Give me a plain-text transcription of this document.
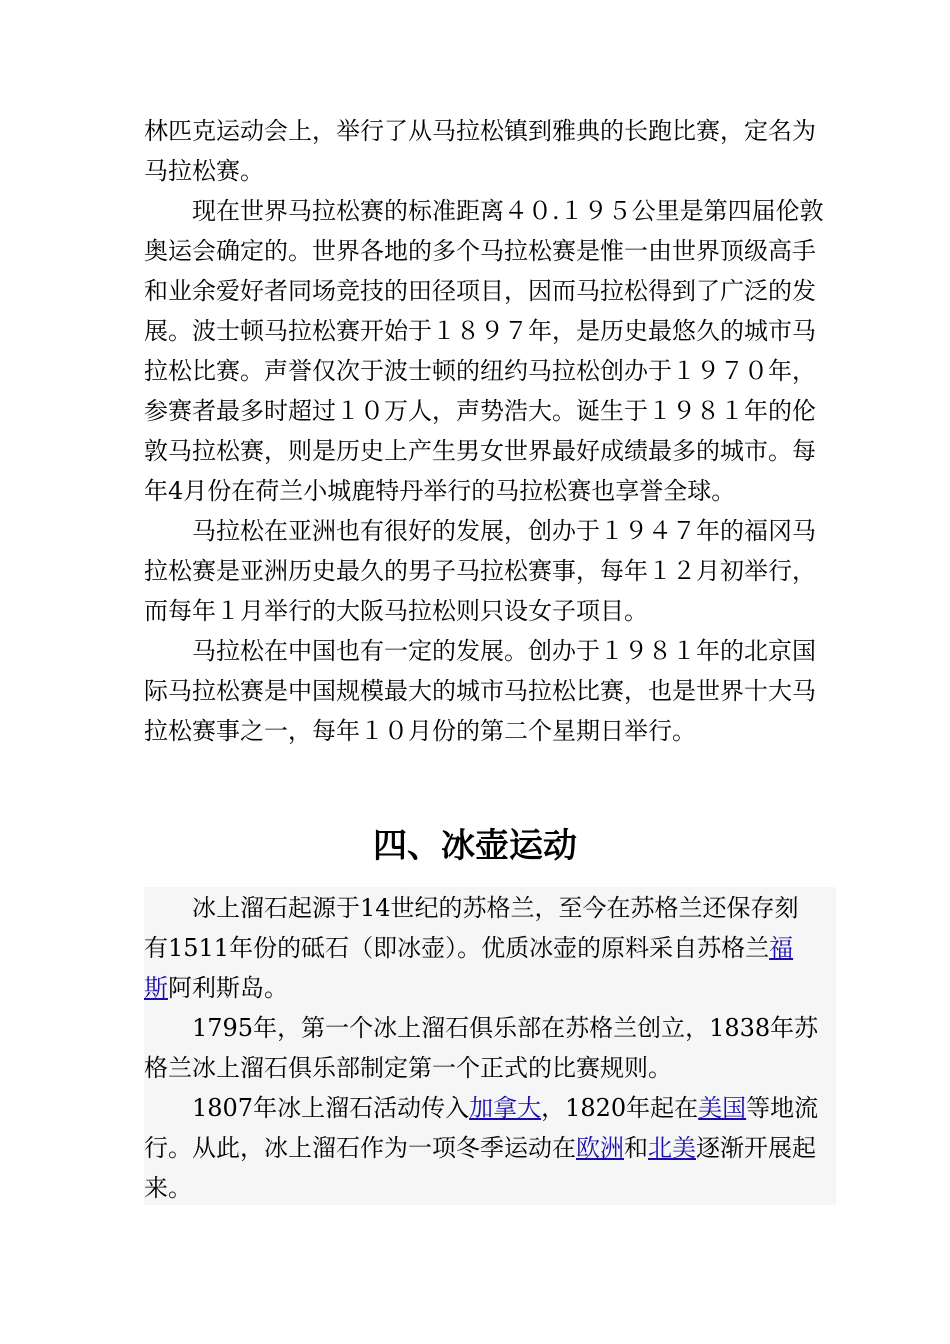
林匹克运动会上，举行了从马拉松镇到雅典的长跑比赛，定名为
马拉松赛。
现在世界马拉松赛的标准距离４０.１９５公里是第四届伦敦
奥运会确定的。世界各地的多个马拉松赛是惟一由世界顶级高手
和业余爱好者同场竞技的田径项目，因而马拉松得到了广泛的发
展。波士顿马拉松赛开始于１８９７年，是历史最悠久的城市马
拉松比赛。声誉仅次于波士顿的纽约马拉松创办于１９７０年，
参赛者最多时超过１０万人，声势浩大。诞生于１９８１年的伦
敦马拉松赛，则是历史上产生男女世界最好成绩最多的城市。每
年4月份在荷兰小城鹿特丹举行的马拉松赛也享誉全球。
马拉松在亚洲也有很好的发展，创办于１９４７年的福冈马
拉松赛是亚洲历史最久的男子马拉松赛事，每年１２月初举行，
而每年１月举行的大阪马拉松则只设女子项目。
马拉松在中国也有一定的发展。创办于１９８１年的北京国
际马拉松赛是中国规模最大的城市马拉松比赛，也是世界十大马
拉松赛事之一，每年１０月份的第二个星期日举行。
四、冰壶运动
冰上溜石起源于14世纪的苏格兰，至今在苏格兰还保存刻
有1511年份的砥石（即冰壶）。优质冰壶的原料采自苏格兰福
斯阿利斯岛。
1795年，第一个冰上溜石俱乐部在苏格兰创立，1838年苏
格兰冰上溜石俱乐部制定第一个正式的比赛规则。
1807年冰上溜石活动传入加拿大，1820年起在美国等地流
行。从此，冰上溜石作为一项冬季运动在欧洲和北美逐渐开展起
来。
